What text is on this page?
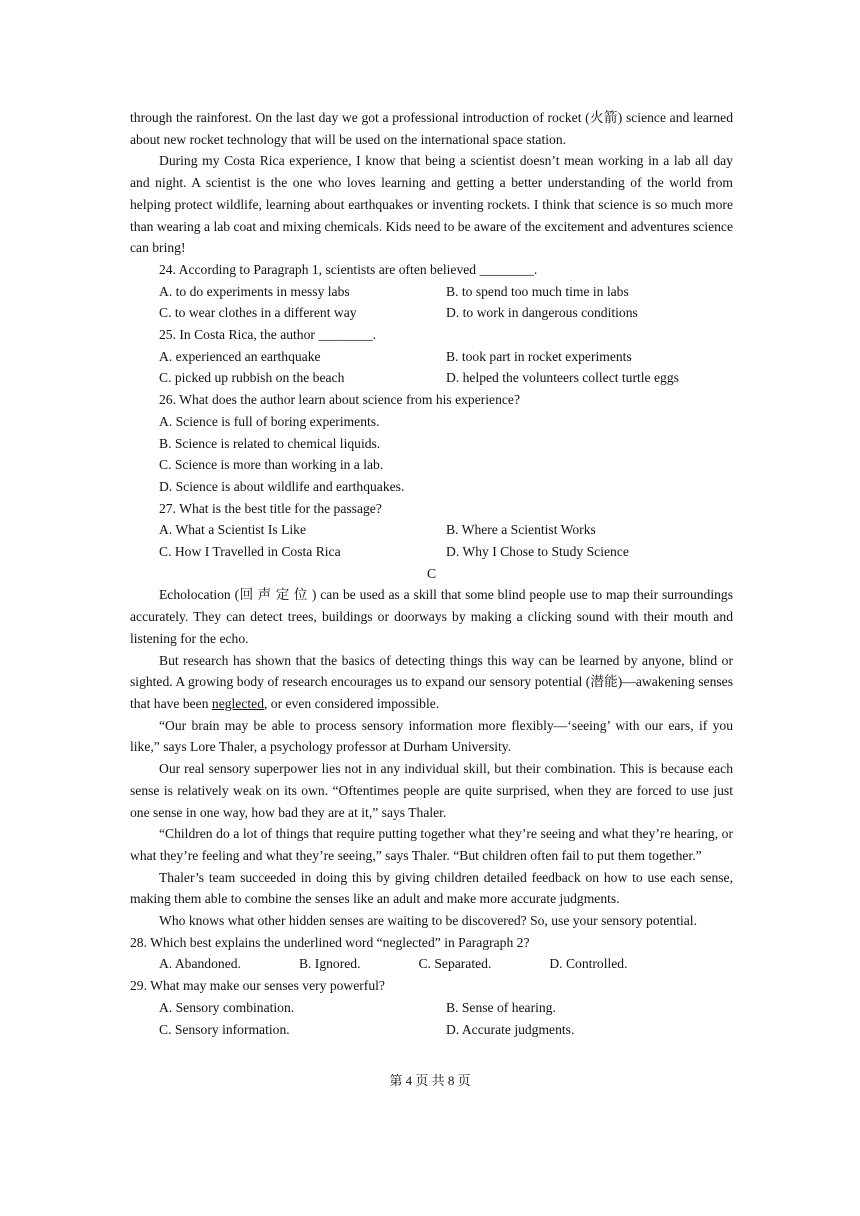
through the rainforest. On the last day we got a professional introduction of rocket (火箭) science and learned about new rocket technology that will be used on the international space station.

During my Costa Rica experience, I know that being a scientist doesn’t mean working in a lab all day and night. A scientist is the one who loves learning and getting a better understanding of the world from helping protect wildlife, learning about earthquakes or inventing rockets. I think that science is so much more than wearing a lab coat and mixing chemicals. Kids need to be aware of the excitement and adventures science can bring!

24. According to Paragraph 1, scientists are often believed ________.

A. to do experiments in messy labs	B. to spend too much time in labs
C. to wear clothes in a different way	D. to work in dangerous conditions

25. In Costa Rica, the author ________.

A. experienced an earthquake	B. took part in rocket experiments
C. picked up rubbish on the beach	D. helped the volunteers collect turtle eggs

26. What does the author learn about science from his experience?

A. Science is full of boring experiments.

B. Science is related to chemical liquids.

C. Science is more than working in a lab.

D. Science is about wildlife and earthquakes.

27. What is the best title for the passage?

A. What a Scientist Is Like	B. Where a Scientist Works
C. How I Travelled in Costa Rica	D. Why I Chose to Study Science

C

Echolocation (回声定位) can be used as a skill that some blind people use to map their surroundings accurately. They can detect trees, buildings or doorways by making a clicking sound with their mouth and listening for the echo.

But research has shown that the basics of detecting things this way can be learned by anyone, blind or sighted. A growing body of research encourages us to expand our sensory potential (潜能)—awakening senses that have been neglected, or even considered impossible.

“Our brain may be able to process sensory information more flexibly—‘seeing’ with our ears, if you like,” says Lore Thaler, a psychology professor at Durham University.

Our real sensory superpower lies not in any individual skill, but their combination. This is because each sense is relatively weak on its own. “Oftentimes people are quite surprised, when they are forced to use just one sense in one way, how bad they are at it,” says Thaler.

“Children do a lot of things that require putting together what they’re seeing and what they’re hearing, or what they’re feeling and what they’re seeing,” says Thaler. “But children often fail to put them together.”

Thaler’s team succeeded in doing this by giving children detailed feedback on how to use each sense, making them able to combine the senses like an adult and make more accurate judgments.

Who knows what other hidden senses are waiting to be discovered? So, use your sensory potential.

28. Which best explains the underlined word “neglected” in Paragraph 2?

A. Abandoned.	B. Ignored.	C. Separated.	D. Controlled.

29. What may make our senses very powerful?

A. Sensory combination.	B. Sense of hearing.
C. Sensory information.	D. Accurate judgments.
第 4 页 共 8 页
